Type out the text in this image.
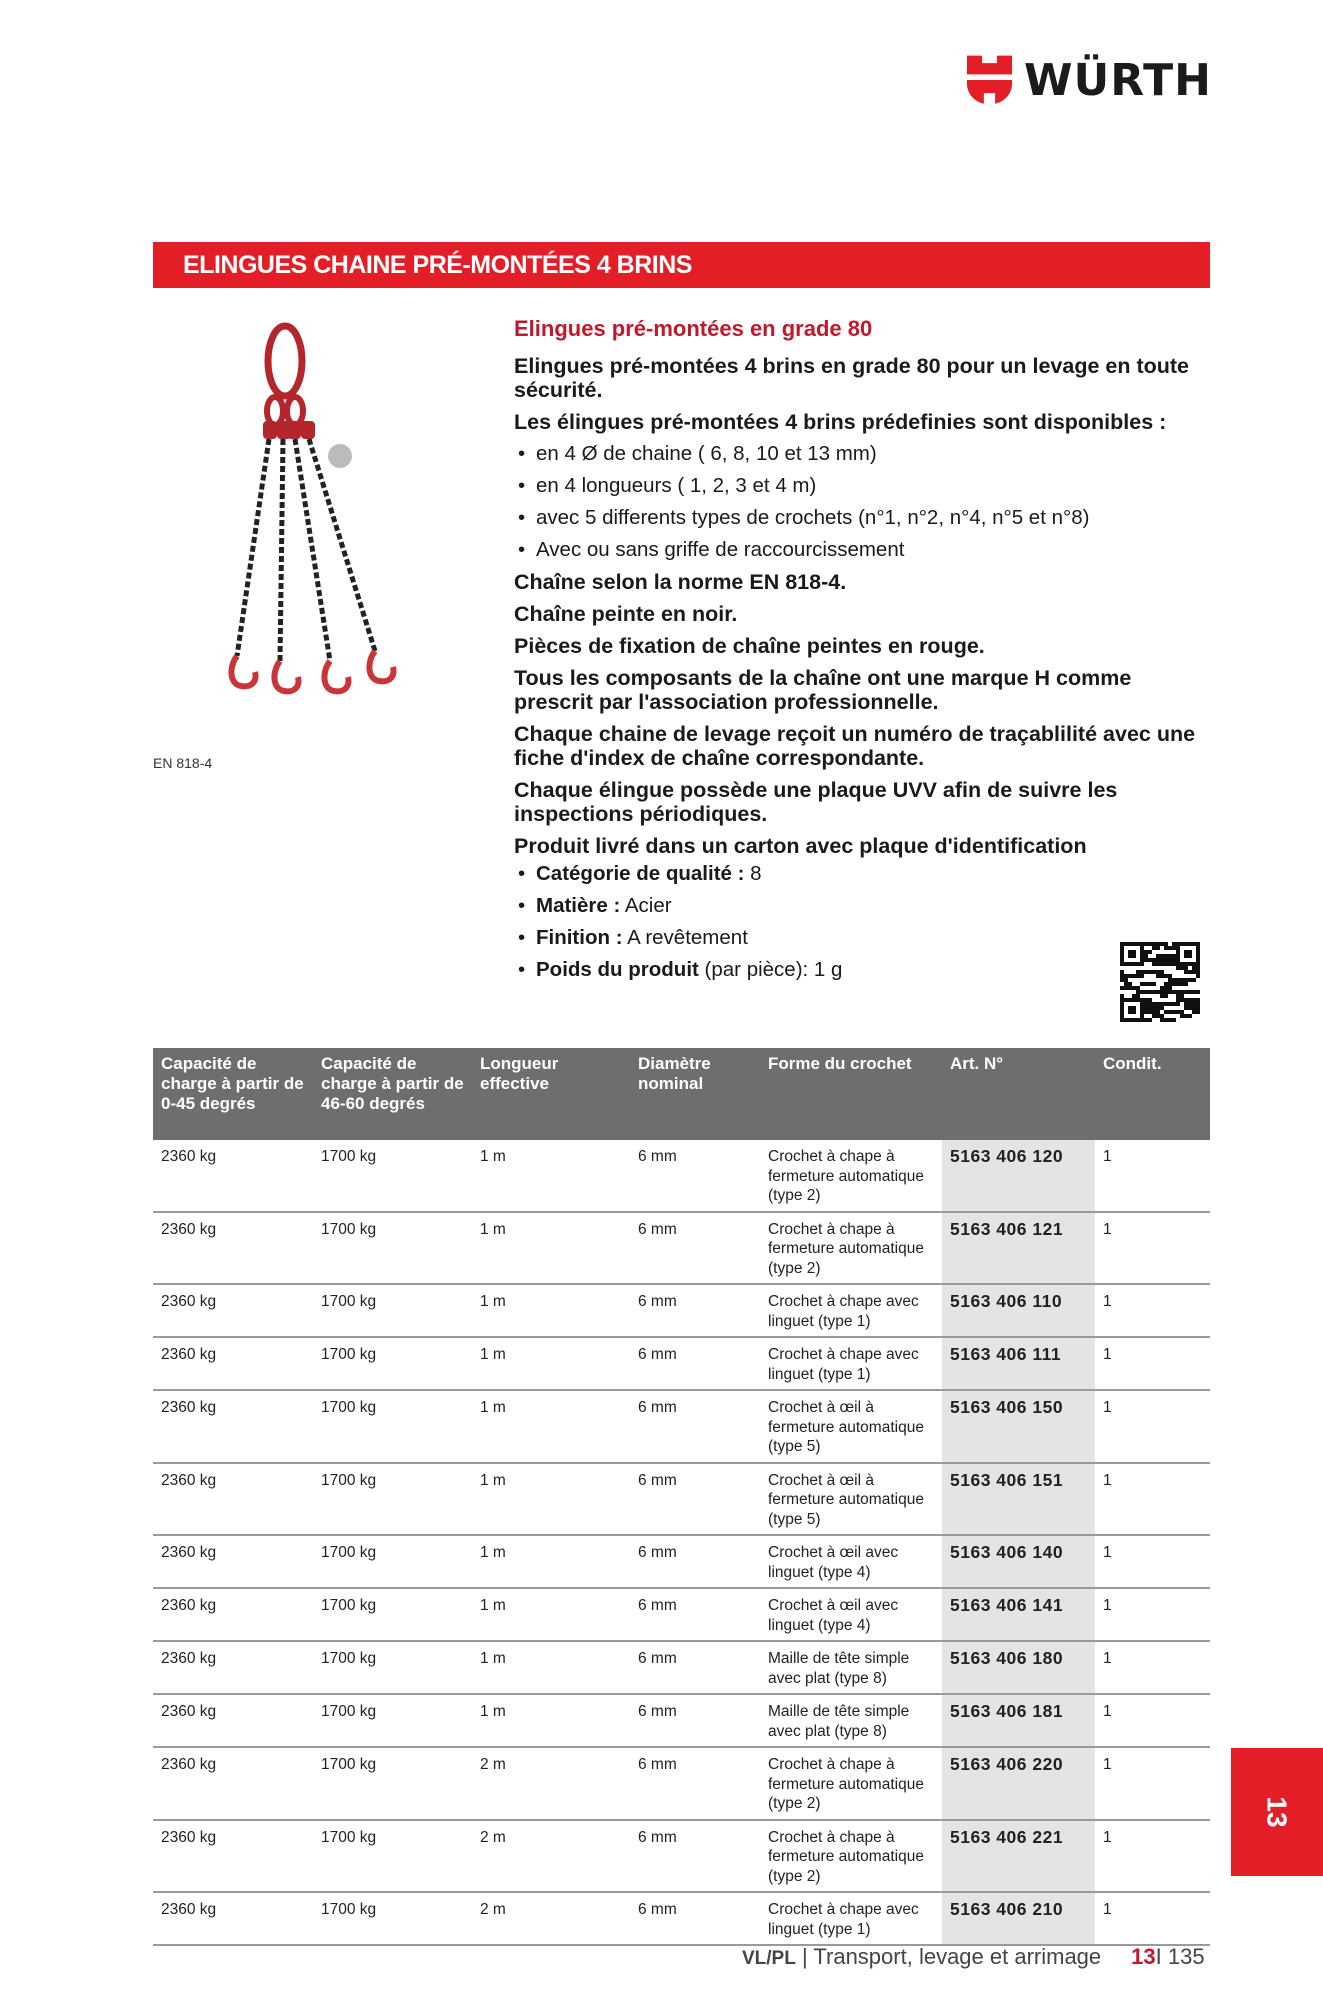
WÜRTH
ELINGUES CHAINE PRÉ-MONTÉES 4 BRINS
EN 818-4
Elingues pré-montées en grade 80
Elingues pré-montées 4 brins en grade 80 pour un levage en toute sécurité.
Les élingues pré-montées 4 brins prédefinies sont disponibles :
• en 4 Ø de chaine ( 6, 8, 10 et 13 mm)
• en 4 longueurs ( 1, 2, 3 et 4 m)
• avec 5 differents types de crochets (n°1, n°2, n°4, n°5 et n°8)
• Avec ou sans griffe de raccourcissement
Chaîne selon la norme EN 818-4.
Chaîne peinte en noir.
Pièces de fixation de chaîne peintes en rouge.
Tous les composants de la chaîne ont une marque H comme prescrit par l'association professionnelle.
Chaque chaine de levage reçoit un numéro de traçablilité avec une fiche d'index de chaîne correspondante.
Chaque élingue possède une plaque UVV afin de suivre les inspections périodiques.
Produit livré dans un carton avec plaque d'identification
• Catégorie de qualité : 8
• Matière : Acier
• Finition : A revêtement
• Poids du produit (par pièce): 1 g
Capacité de charge à partir de 0-45 degrés	Capacité de charge à partir de 46-60 degrés	Longueur effective	Diamètre nominal	Forme du crochet	Art. N°	Condit.
2360 kg	1700 kg	1 m	6 mm	Crochet à chape à fermeture automatique (type 2)	5163 406 120	1
2360 kg	1700 kg	1 m	6 mm	Crochet à chape à fermeture automatique (type 2)	5163 406 121	1
2360 kg	1700 kg	1 m	6 mm	Crochet à chape avec linguet (type 1)	5163 406 110	1
2360 kg	1700 kg	1 m	6 mm	Crochet à chape avec linguet (type 1)	5163 406 111	1
2360 kg	1700 kg	1 m	6 mm	Crochet à œil à fermeture automatique (type 5)	5163 406 150	1
2360 kg	1700 kg	1 m	6 mm	Crochet à œil à fermeture automatique (type 5)	5163 406 151	1
2360 kg	1700 kg	1 m	6 mm	Crochet à œil avec linguet (type 4)	5163 406 140	1
2360 kg	1700 kg	1 m	6 mm	Crochet à œil avec linguet (type 4)	5163 406 141	1
2360 kg	1700 kg	1 m	6 mm	Maille de tête simple avec plat (type 8)	5163 406 180	1
2360 kg	1700 kg	1 m	6 mm	Maille de tête simple avec plat (type 8)	5163 406 181	1
2360 kg	1700 kg	2 m	6 mm	Crochet à chape à fermeture automatique (type 2)	5163 406 220	1
2360 kg	1700 kg	2 m	6 mm	Crochet à chape à fermeture automatique (type 2)	5163 406 221	1
2360 kg	1700 kg	2 m	6 mm	Crochet à chape avec linguet (type 1)	5163 406 210	1
13
VL/PL | Transport, levage et arrimage 13I 135
